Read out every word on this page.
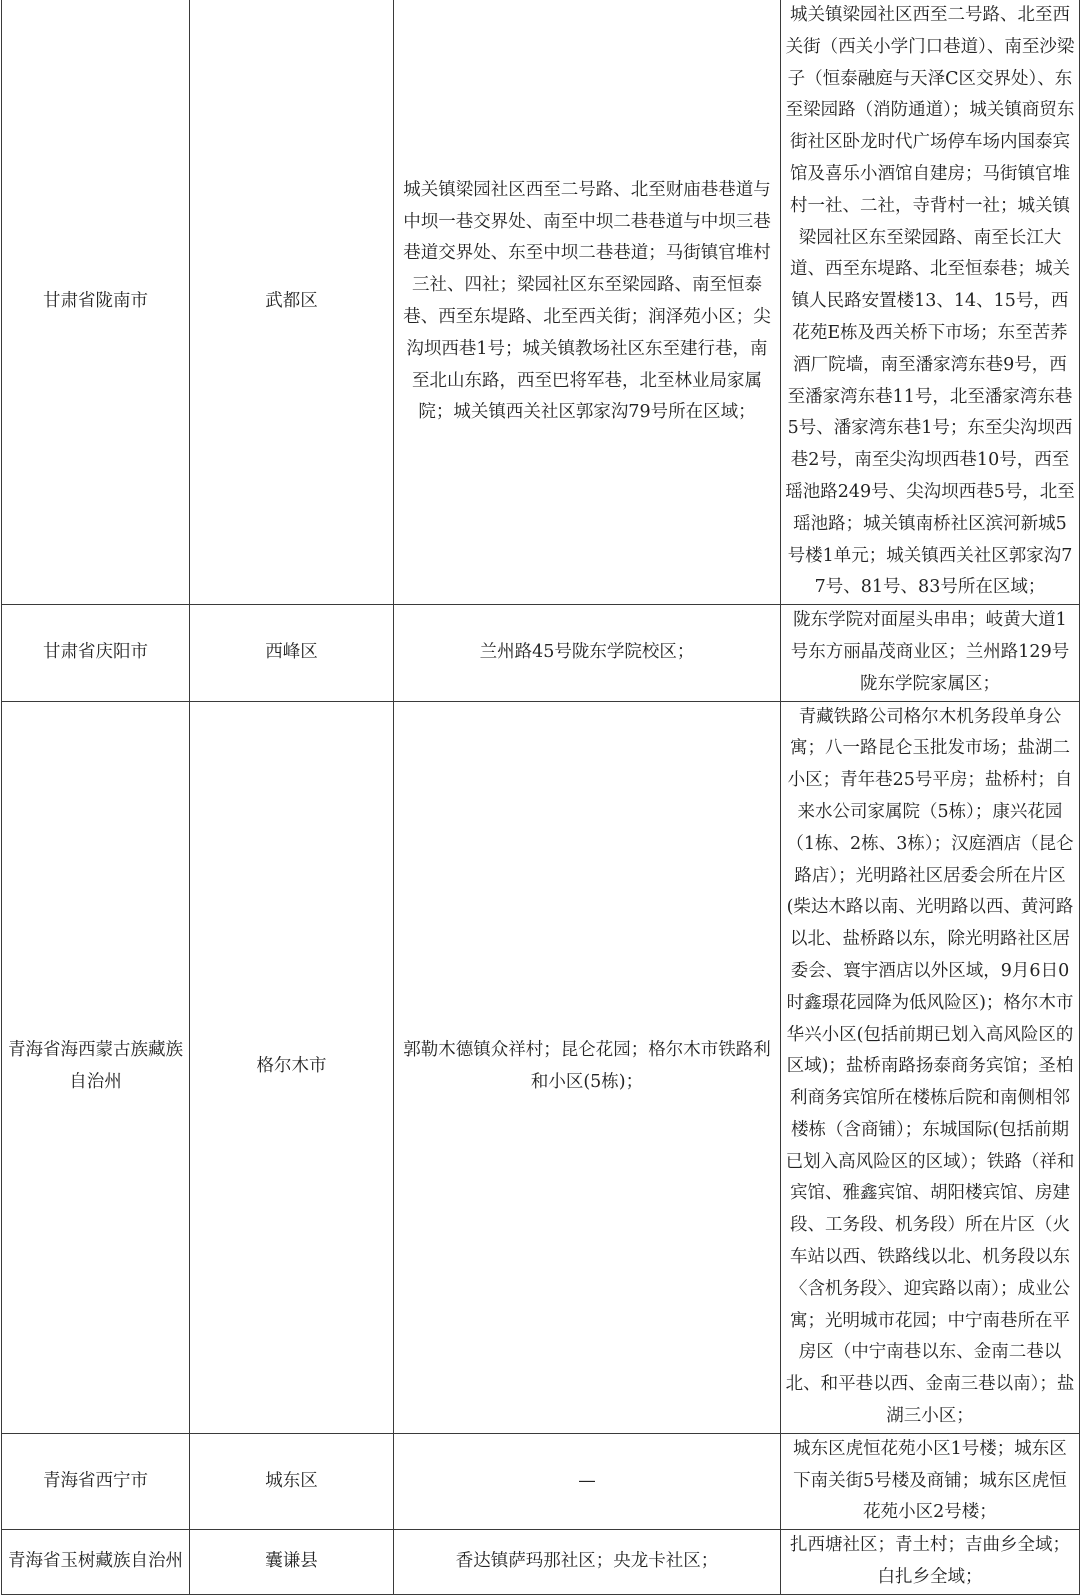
甘肃省陇南市	武都区	城关镇梁园社区西至二号路、北至财庙巷巷道与中坝一巷交界处、南至中坝二巷巷道与中坝三巷巷道交界处、东至中坝二巷巷道；马街镇官堆村三社、四社；梁园社区东至梁园路、南至恒泰巷、西至东堤路、北至西关街；润泽苑小区；尖沟坝西巷1号；城关镇教场社区东至建行巷，南至北山东路，西至巴将军巷，北至林业局家属院；城关镇西关社区郭家沟79号所在区域；	城关镇梁园社区西至二号路、北至西关街（西关小学门口巷道）、南至沙梁子（恒泰融庭与天泽C区交界处）、东至梁园路（消防通道）；城关镇商贸东街社区卧龙时代广场停车场内国泰宾馆及喜乐小酒馆自建房；马街镇官堆村一社、二社，寺背村一社；城关镇梁园社区东至梁园路、南至长江大道、西至东堤路、北至恒泰巷；城关镇人民路安置楼13、14、15号，西花苑E栋及西关桥下市场；东至苦荞酒厂院墙，南至潘家湾东巷9号，西至潘家湾东巷11号，北至潘家湾东巷5号、潘家湾东巷1号；东至尖沟坝西巷2号，南至尖沟坝西巷10号，西至瑶池路249号、尖沟坝西巷5号，北至瑶池路；城关镇南桥社区滨河新城5号楼1单元；城关镇西关社区郭家沟77号、81号、83号所在区域；
甘肃省庆阳市	西峰区	兰州路45号陇东学院校区；	陇东学院对面屋头串串；岐黄大道1号东方丽晶茂商业区；兰州路129号陇东学院家属区；
青海省海西蒙古族藏族自治州	格尔木市	郭勒木德镇众祥村；昆仑花园；格尔木市铁路利和小区(5栋)；	青藏铁路公司格尔木机务段单身公寓；八一路昆仑玉批发市场；盐湖二小区；青年巷25号平房；盐桥村；自来水公司家属院（5栋）；康兴花园（1栋、2栋、3栋）；汉庭酒店（昆仑路店）；光明路社区居委会所在片区(柴达木路以南、光明路以西、黄河路以北、盐桥路以东，除光明路社区居委会、寰宇酒店以外区域，9月6日0时鑫璟花园降为低风险区)；格尔木市华兴小区(包括前期已划入高风险区的区域)；盐桥南路扬泰商务宾馆；圣柏利商务宾馆所在楼栋后院和南侧相邻楼栋（含商铺）；东城国际(包括前期已划入高风险区的区域）；铁路（祥和宾馆、雅鑫宾馆、胡阳楼宾馆、房建段、工务段、机务段）所在片区（火车站以西、铁路线以北、机务段以东〈含机务段〉、迎宾路以南）；成业公寓；光明城市花园；中宁南巷所在平房区（中宁南巷以东、金南二巷以北、和平巷以西、金南三巷以南）；盐湖三小区；
青海省西宁市	城东区	—	城东区虎恒花苑小区1号楼；城东区下南关街5号楼及商铺；城东区虎恒花苑小区2号楼；
青海省玉树藏族自治州	囊谦县	香达镇萨玛那社区；央龙卡社区；	扎西塘社区；青土村；吉曲乡全域；白扎乡全域；
